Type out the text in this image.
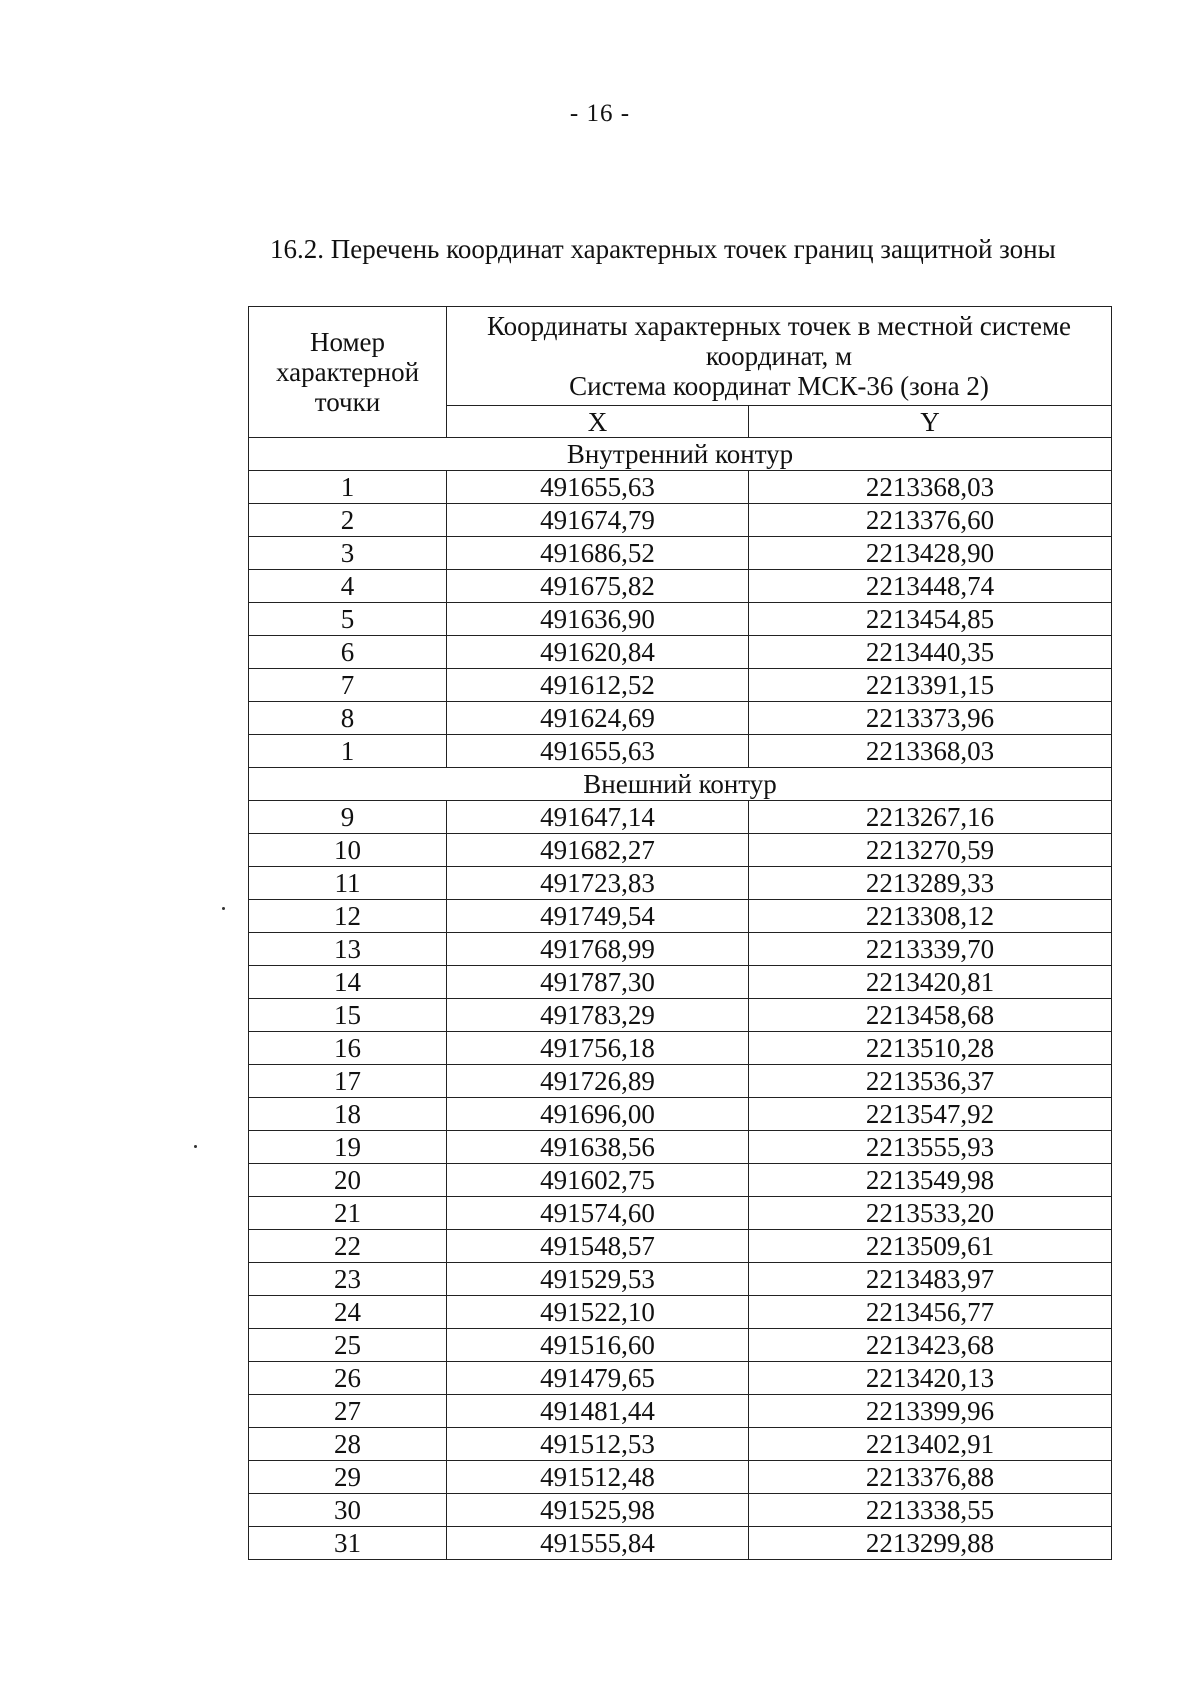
- 16 -
16.2. Перечень координат характерных точек границ защитной зоны
Номер характерной точки	Координаты характерных точек в местной системе
координат, м
Система координат МСК-36 (зона 2)	

	X	Y
Внутренний контур		
1	491655,63	2213368,03
2	491674,79	2213376,60
3	491686,52	2213428,90
4	491675,82	2213448,74
5	491636,90	2213454,85
6	491620,84	2213440,35
7	491612,52	2213391,15
8	491624,69	2213373,96
1	491655,63	2213368,03
Внешний контур		
9	491647,14	2213267,16
10	491682,27	2213270,59
11	491723,83	2213289,33
12	491749,54	2213308,12
13	491768,99	2213339,70
14	491787,30	2213420,81
15	491783,29	2213458,68
16	491756,18	2213510,28
17	491726,89	2213536,37
18	491696,00	2213547,92
19	491638,56	2213555,93
20	491602,75	2213549,98
21	491574,60	2213533,20
22	491548,57	2213509,61
23	491529,53	2213483,97
24	491522,10	2213456,77
25	491516,60	2213423,68
26	491479,65	2213420,13
27	491481,44	2213399,96
28	491512,53	2213402,91
29	491512,48	2213376,88
30	491525,98	2213338,55
31	491555,84	2213299,88
